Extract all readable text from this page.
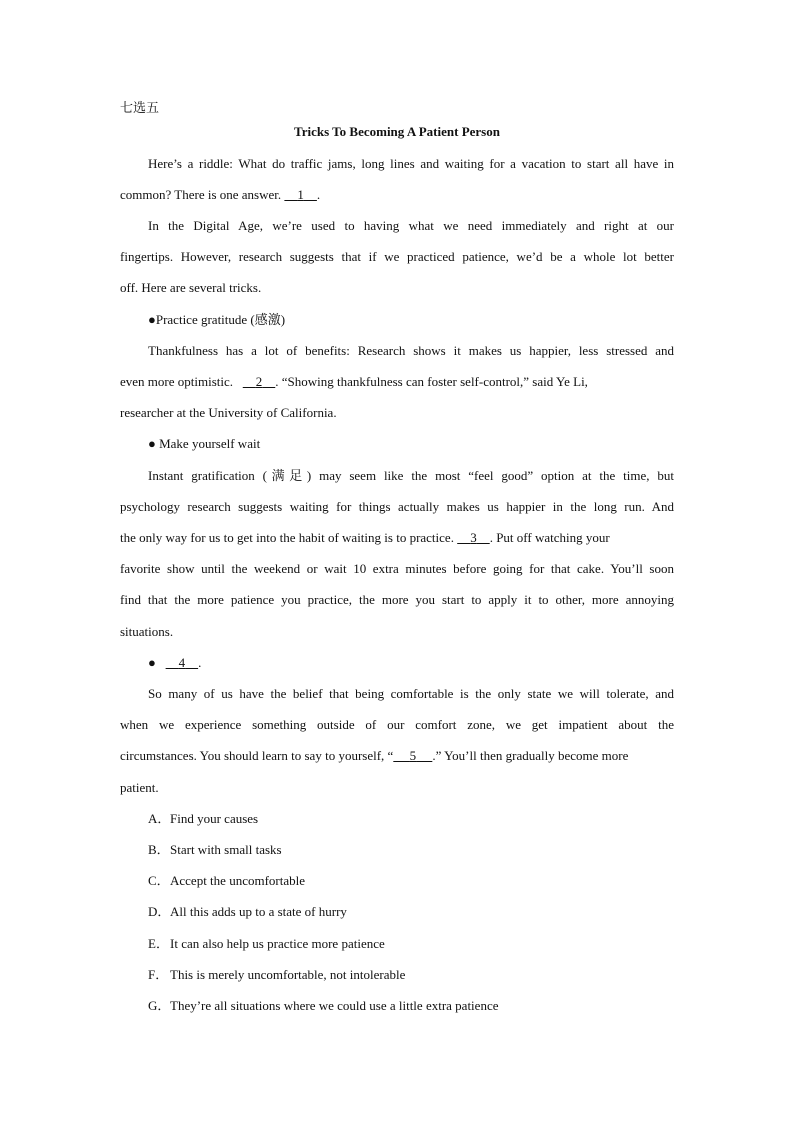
七选五
Tricks To Becoming A Patient Person
Here’s a riddle: What do traffic jams, long lines and waiting for a vacation to start all have in
common? There is one answer. 1 .
In the Digital Age, we’re used to having what we need immediately and right at our
fingertips. However, research suggests that if we practiced patience, we’d be a whole lot better
off. Here are several tricks.
●Practice gratitude (感激)
Thankfulness has a lot of benefits: Research shows it makes us happier, less stressed and
even more optimistic. 2 . “Showing thankfulness can foster self-control,” said Ye Li,
researcher at the University of California.
● Make yourself wait
Instant gratification (满足) may seem like the most “feel good” option at the time, but
psychology research suggests waiting for things actually makes us happier in the long run. And
the only way for us to get into the habit of waiting is to practice. 3 . Put off watching your
favorite show until the weekend or wait 10 extra minutes before going for that cake. You’ll soon
find that the more patience you practice, the more you start to apply it to other, more annoying
situations.
● 4 .
So many of us have the belief that being comfortable is the only state we will tolerate, and
when we experience something outside of our comfort zone, we get impatient about the
circumstances. You should learn to say to yourself, “ 5 .” You’ll then gradually become more
patient.
A．Find your causes
B．Start with small tasks
C．Accept the uncomfortable
D．All this adds up to a state of hurry
E．It can also help us practice more patience
F． This is merely uncomfortable, not intolerable
G．They’re all situations where we could use a little extra patience
